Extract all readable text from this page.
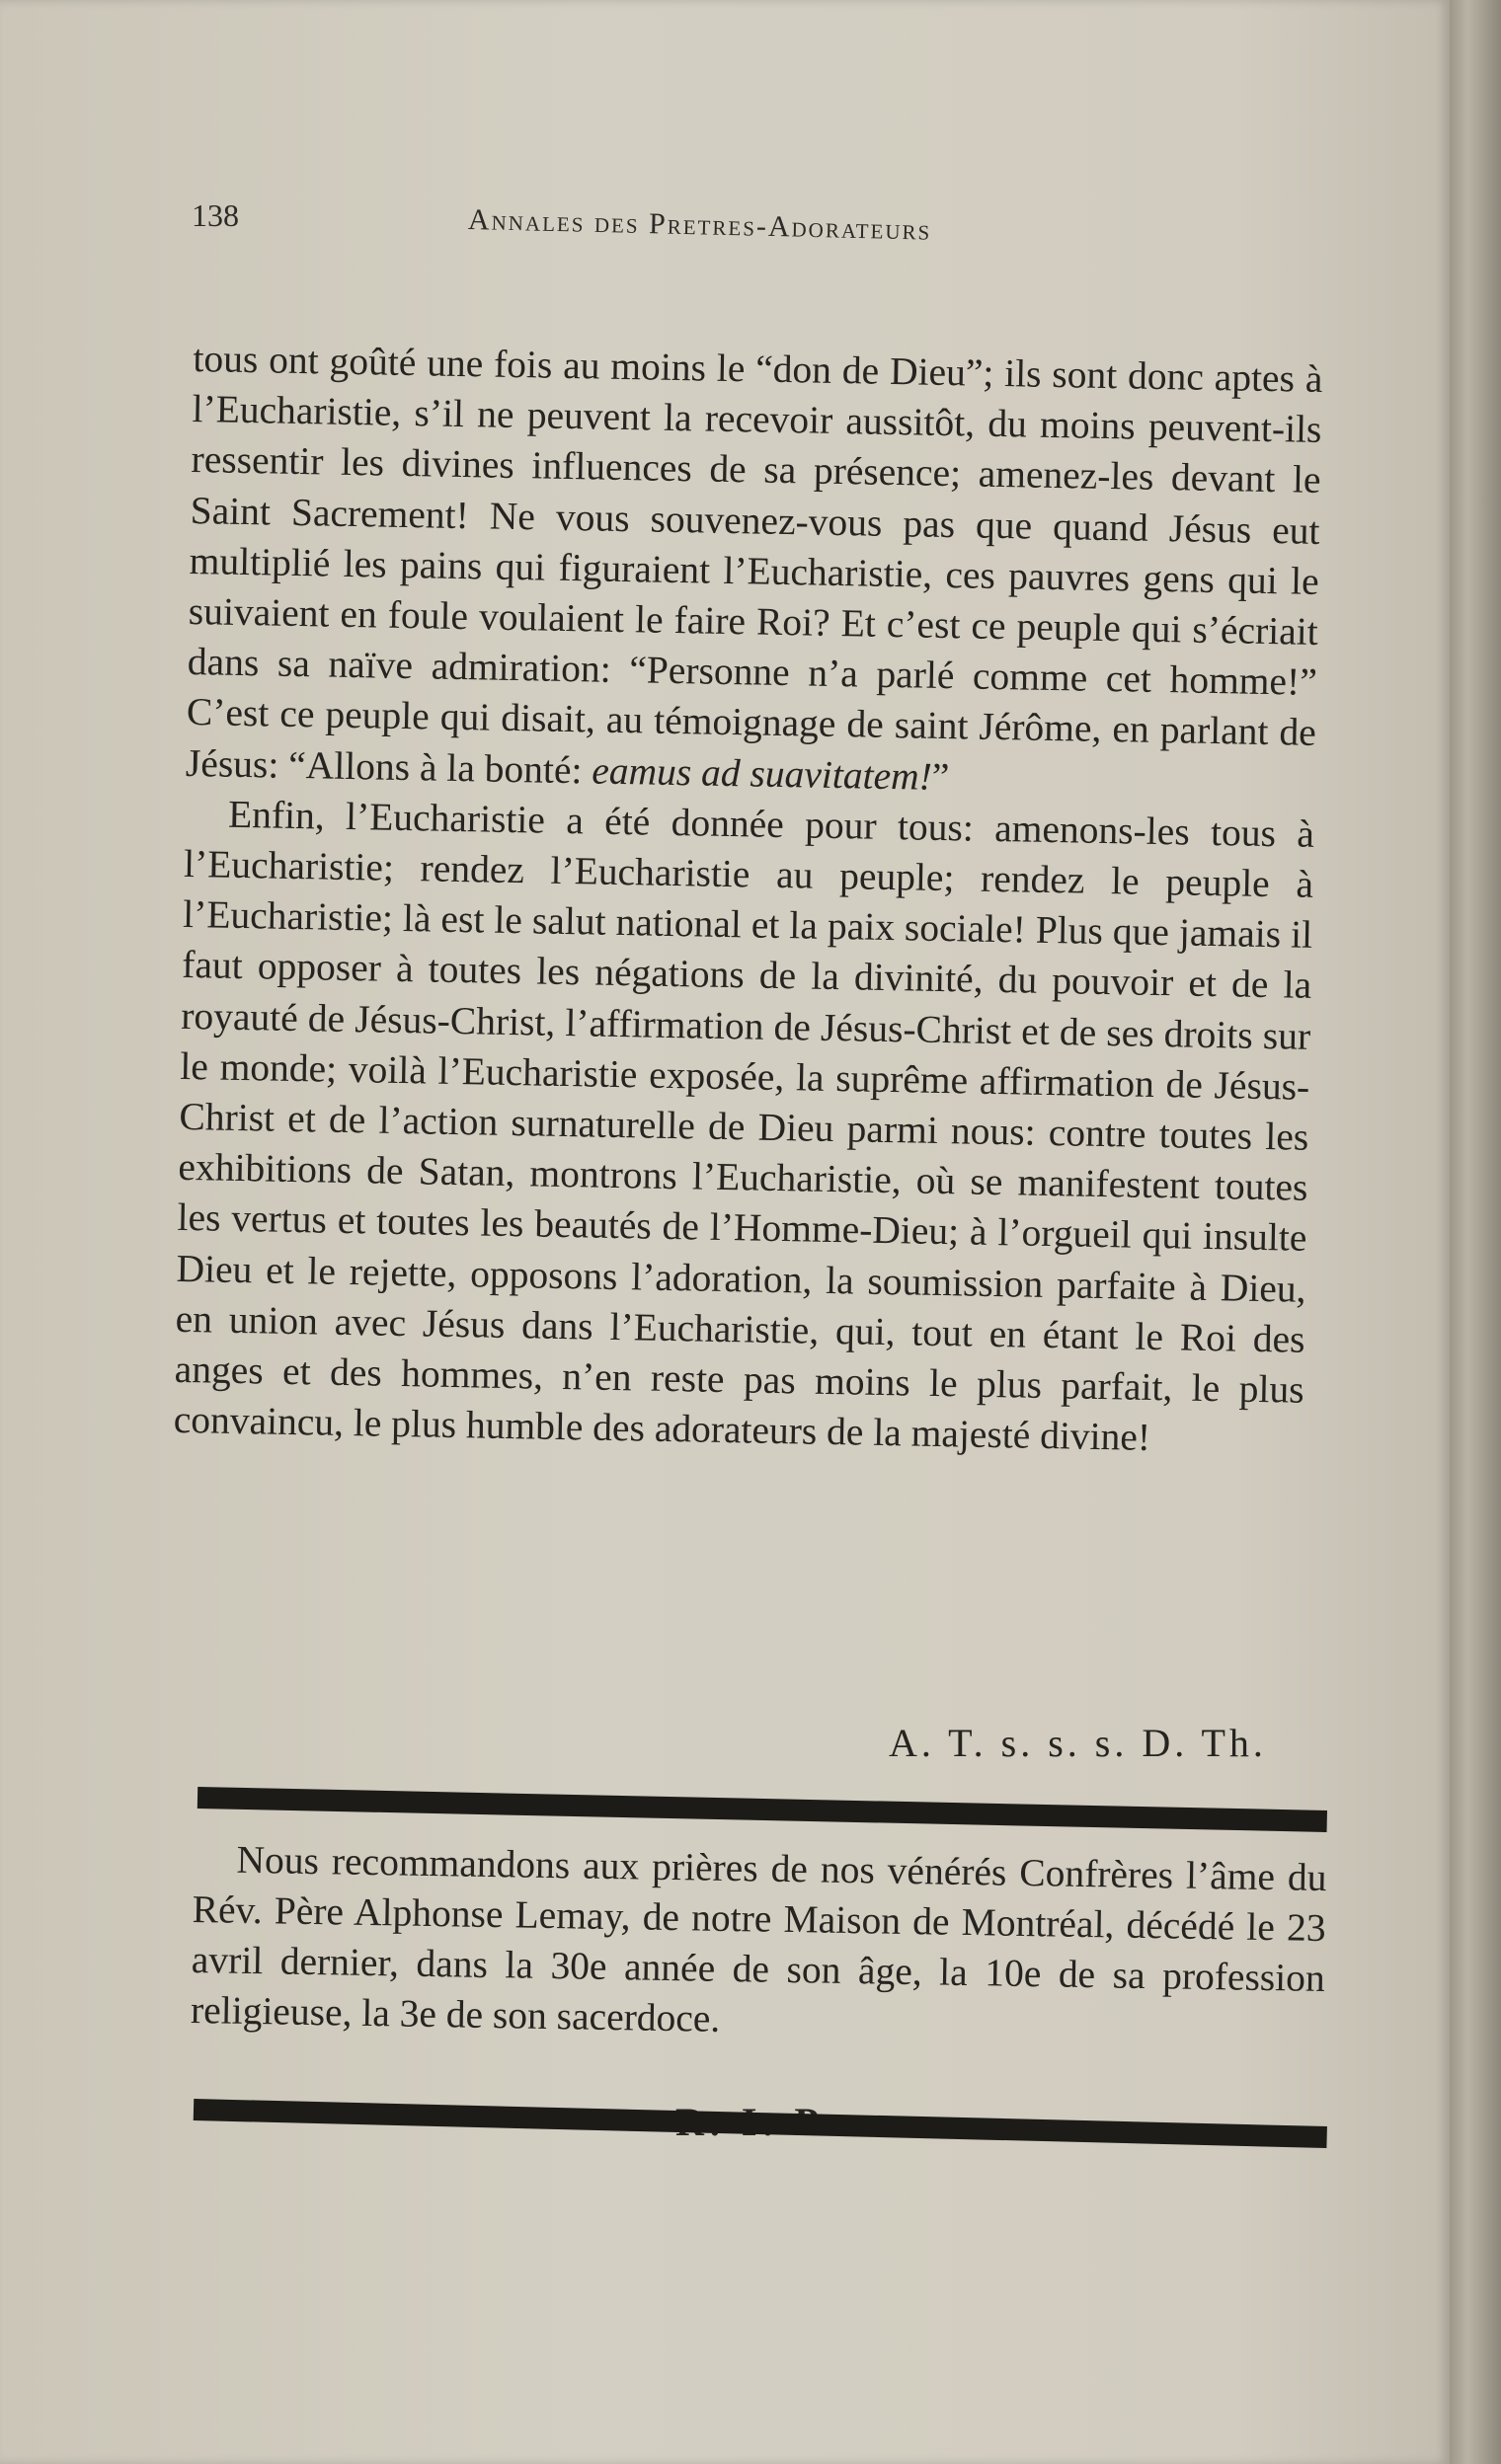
138	Annales des Pretres-Adorateurs

tous ont goûté une fois au moins le “don de Dieu”; ils sont donc aptes à l’Eucharistie, s’il ne peuvent la recevoir aussitôt, du moins peuvent-ils ressentir les divines influences de sa présence; amenez-les devant le Saint Sacrement! Ne vous souvenez-vous pas que quand Jésus eut multiplié les pains qui figuraient l’Eucharistie, ces pauvres gens qui le suivaient en foule voulaient le faire Roi? Et c’est ce peuple qui s’écriait dans sa naïve admiration: “Personne n’a parlé comme cet homme!” C’est ce peuple qui disait, au témoignage de saint Jérôme, en parlant de Jésus: “Allons à la bonté: eamus ad suavitatem!”

Enfin, l’Eucharistie a été donnée pour tous: amenons-les tous à l’Eucharistie; rendez l’Eucharistie au peuple; rendez le peuple à l’Eucharistie; là est le salut national et la paix sociale! Plus que jamais il faut opposer à toutes les négations de la divinité, du pouvoir et de la royauté de Jésus-Christ, l’affirmation de Jésus-Christ et de ses droits sur le monde; voilà l’Eucharistie exposée, la suprême affirmation de Jésus-Christ et de l’action surnaturelle de Dieu parmi nous: contre toutes les exhibitions de Satan, montrons l’Eucharistie, où se manifestent toutes les vertus et toutes les beautés de l’Homme-Dieu; à l’orgueil qui insulte Dieu et le rejette, opposons l’adoration, la soumission parfaite à Dieu, en union avec Jésus dans l’Eucharistie, qui, tout en étant le Roi des anges et des hommes, n’en reste pas moins le plus parfait, le plus convaincu, le plus humble des adorateurs de la majesté divine!

A. T. s. s. s. D. Th.

Nous recommandons aux prières de nos vénérés Confrères l’âme du Rév. Père Alphonse Lemay, de notre Maison de Montréal, décédé le 23 avril dernier, dans la 30e année de son âge, la 10e de sa profession religieuse, la 3e de son sacerdoce.
